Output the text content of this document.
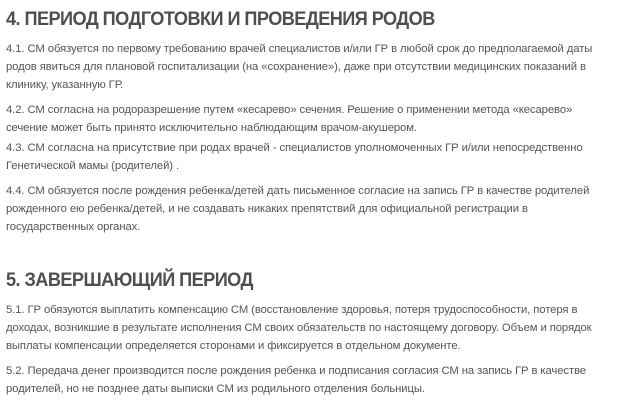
4. ПЕРИОД ПОДГОТОВКИ И ПРОВЕДЕНИЯ РОДОВ

4.1. СМ обязуется по первому требованию врачей специалистов и/или ГР в любой срок до предполагаемой даты родов явиться для плановой госпитализации (на «сохранение»), даже при отсутствии медицинских показаний в клинику, указанную ГР.

4.2. СМ согласна на родоразрешение путем «кесарево» сечения. Решение о применении метода «кесарево» сечение может быть принято исключительно наблюдающим врачом-акушером.

4.3. СМ согласна на присутствие при родах врачей - специалистов уполномоченных ГР и/или непосредственно Генетической мамы (родителей) .

4.4. СМ обязуется после рождения ребенка/детей дать письменное согласие на запись ГР в качестве родителей рожденного ею ребенка/детей, и не создавать никаких препятствий для официальной регистрации в государственных органах.

5. ЗАВЕРШАЮЩИЙ ПЕРИОД

5.1. ГР обязуются выплатить компенсацию СМ (восстановление здоровья, потеря трудоспособности, потеря в доходах, возникшие в результате исполнения СМ своих обязательств по настоящему договору. Объем и порядок выплаты компенсации определяется сторонами и фиксируется в отдельном документе.

5.2. Передача денег производится после рождения ребенка и подписания согласия СМ на запись ГР в качестве родителей, но не позднее даты выписки СМ из родильного отделения больницы.
